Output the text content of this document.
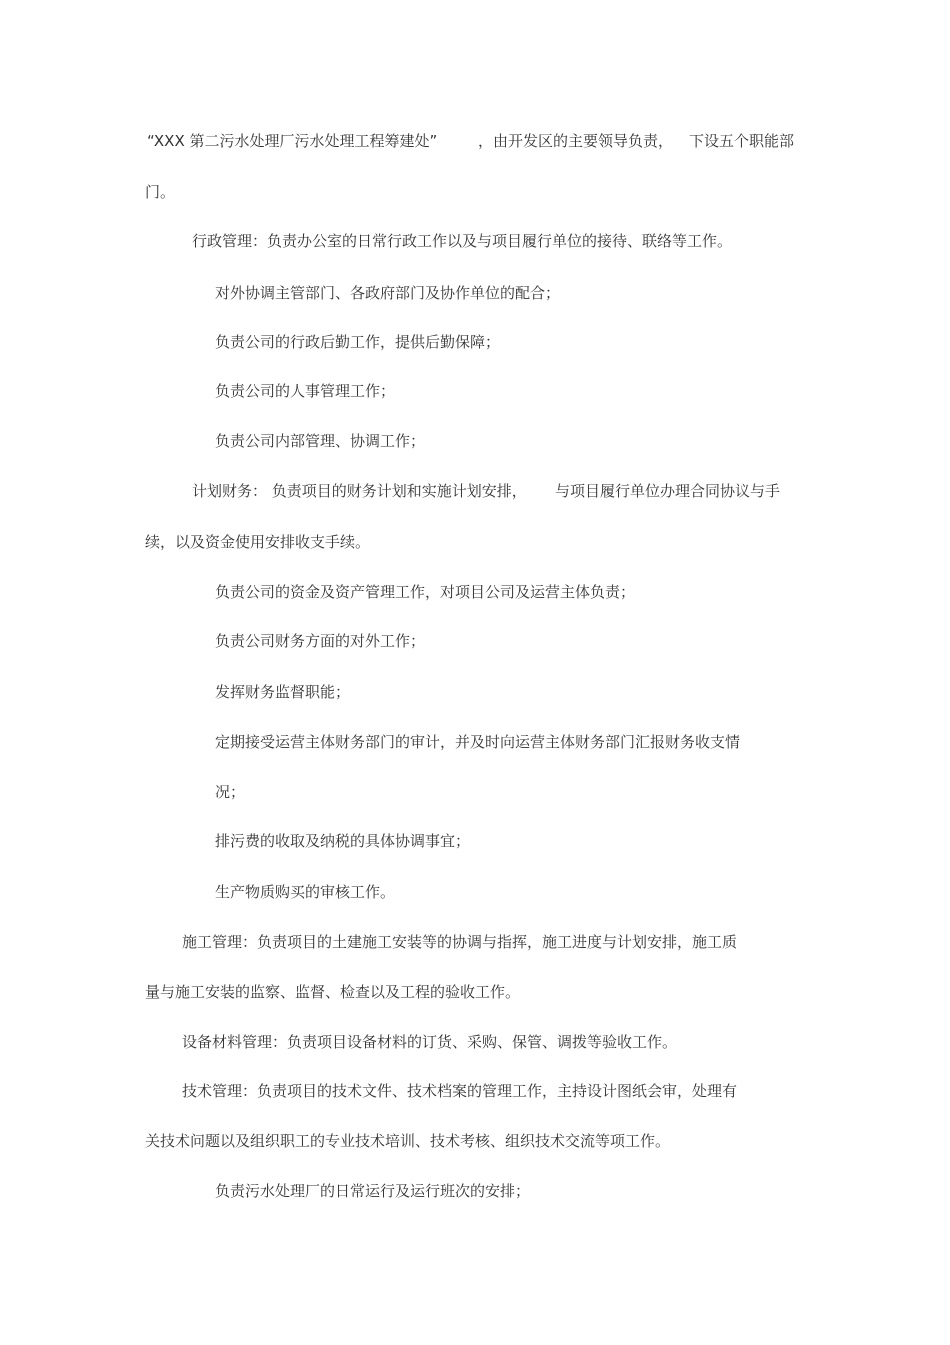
“XXX 第二污水处理厂污水处理工程筹建处”	，由开发区的主要领导负责， 下设五个职能部
门。
行政管理：负责办公室的日常行政工作以及与项目履行单位的接待、联络等工作。
对外协调主管部门、各政府部门及协作单位的配合；
负责公司的行政后勤工作，提供后勤保障；
负责公司的人事管理工作；
负责公司内部管理、协调工作；
计划财务： 负责项目的财务计划和实施计划安排， 与项目履行单位办理合同协议与手
续，以及资金使用安排收支手续。
负责公司的资金及资产管理工作，对项目公司及运营主体负责；
负责公司财务方面的对外工作；
发挥财务监督职能；
定期接受运营主体财务部门的审计，并及时向运营主体财务部门汇报财务收支情
况；
排污费的收取及纳税的具体协调事宜；
生产物质购买的审核工作。
施工管理：负责项目的土建施工安装等的协调与指挥，施工进度与计划安排，施工质
量与施工安装的监察、监督、检查以及工程的验收工作。
设备材料管理：负责项目设备材料的订货、采购、保管、调拨等验收工作。
技术管理：负责项目的技术文件、技术档案的管理工作，主持设计图纸会审，处理有
关技术问题以及组织职工的专业技术培训、技术考核、组织技术交流等项工作。
负责污水处理厂的日常运行及运行班次的安排；
